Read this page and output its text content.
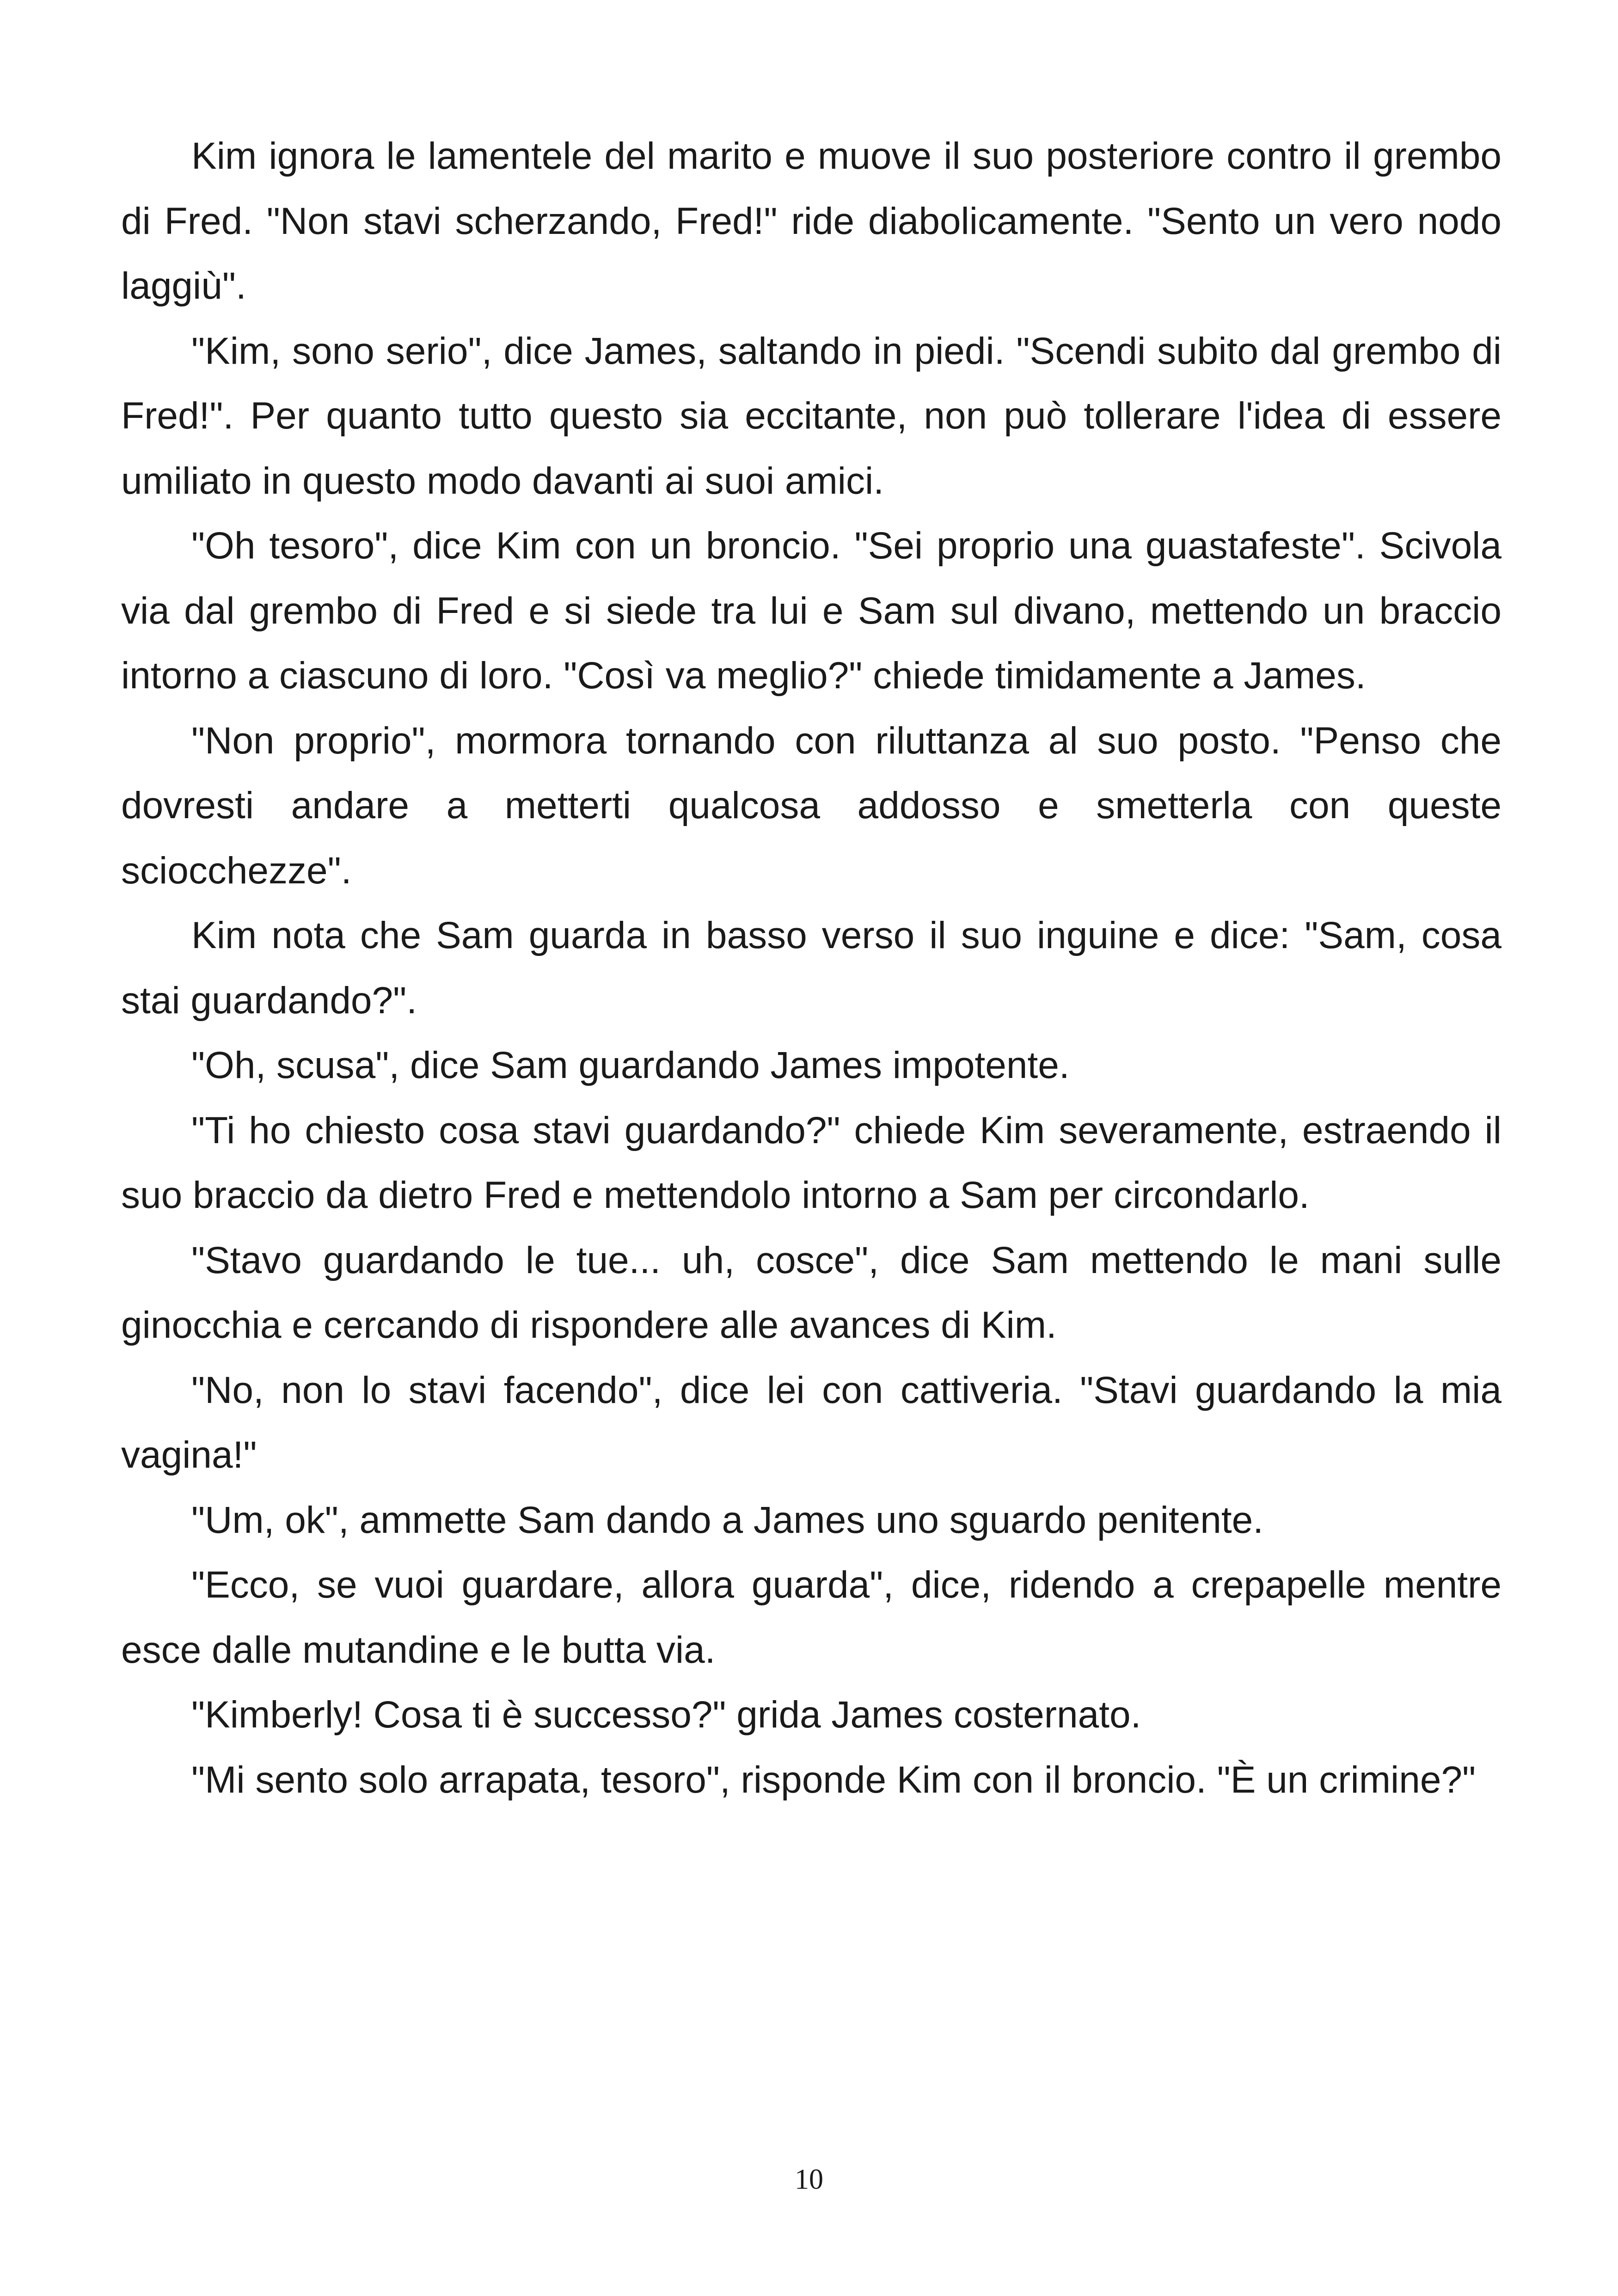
Kim ignora le lamentele del marito e muove il suo posteriore contro il grembo di Fred. "Non stavi scherzando, Fred!" ride diabolicamente. "Sento un vero nodo laggiù".

"Kim, sono serio", dice James, saltando in piedi. "Scendi subito dal grembo di Fred!". Per quanto tutto questo sia eccitante, non può tollerare l'idea di essere umiliato in questo modo davanti ai suoi amici.

"Oh tesoro", dice Kim con un broncio. "Sei proprio una guastafeste". Scivola via dal grembo di Fred e si siede tra lui e Sam sul divano, mettendo un braccio intorno a ciascuno di loro. "Così va meglio?" chiede timidamente a James.

"Non proprio", mormora tornando con riluttanza al suo posto. "Penso che dovresti andare a metterti qualcosa addosso e smetterla con queste sciocchezze".

Kim nota che Sam guarda in basso verso il suo inguine e dice: "Sam, cosa stai guardando?".

"Oh, scusa", dice Sam guardando James impotente.

"Ti ho chiesto cosa stavi guardando?" chiede Kim severamente, estraendo il suo braccio da dietro Fred e mettendolo intorno a Sam per circondarlo.

"Stavo guardando le tue... uh, cosce", dice Sam mettendo le mani sulle ginocchia e cercando di rispondere alle avances di Kim.

"No, non lo stavi facendo", dice lei con cattiveria. "Stavi guardando la mia vagina!"

"Um, ok", ammette Sam dando a James uno sguardo penitente.

"Ecco, se vuoi guardare, allora guarda", dice, ridendo a crepapelle mentre esce dalle mutandine e le butta via.

"Kimberly! Cosa ti è successo?" grida James costernato.

"Mi sento solo arrapata, tesoro", risponde Kim con il broncio. "È un crimine?"

10
